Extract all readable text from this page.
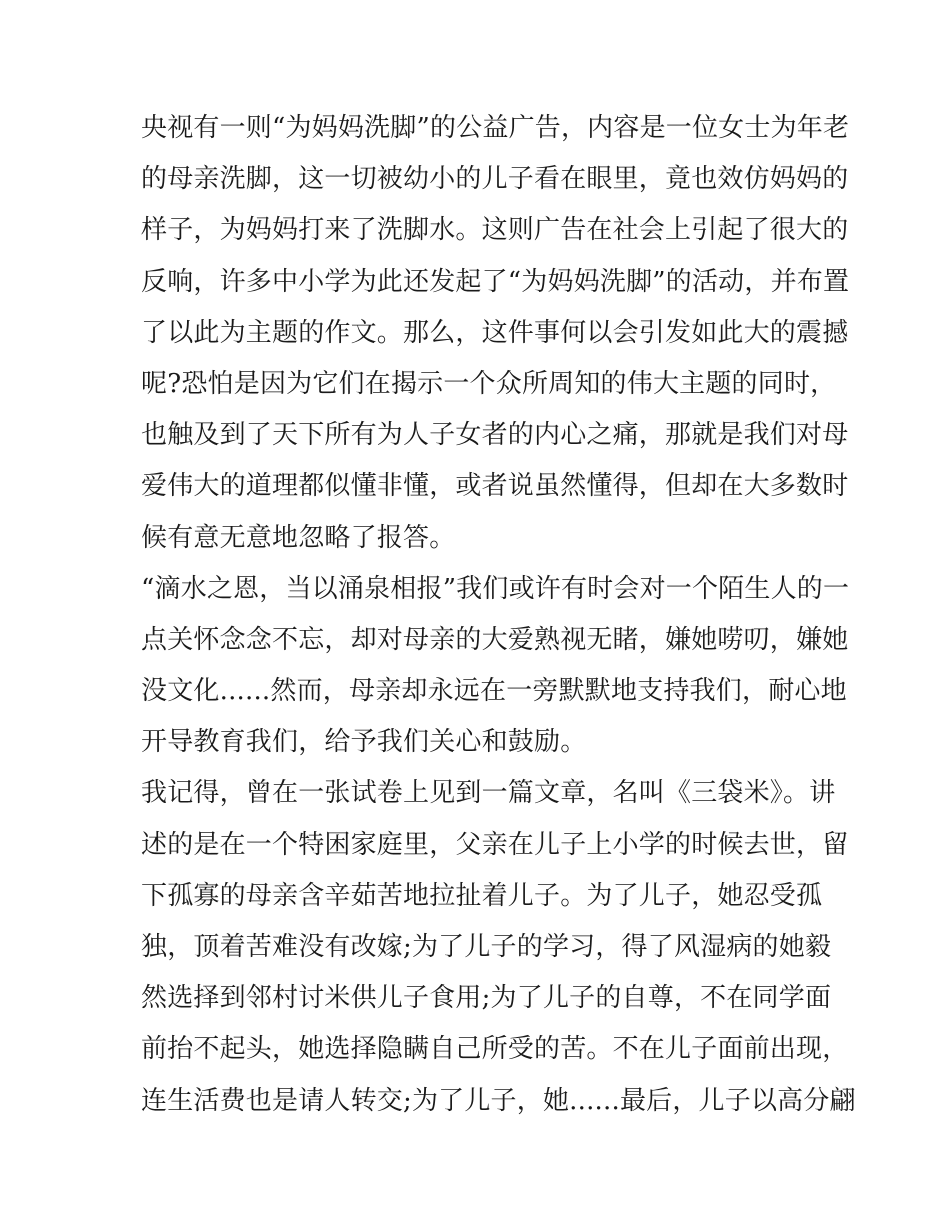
央视有一则“为妈妈洗脚”的公益广告，内容是一位女士为年老
的母亲洗脚，这一切被幼小的儿子看在眼里，竟也效仿妈妈的
样子，为妈妈打来了洗脚水。这则广告在社会上引起了很大的
反响，许多中小学为此还发起了“为妈妈洗脚”的活动，并布置
了以此为主题的作文。那么，这件事何以会引发如此大的震撼
呢?恐怕是因为它们在揭示一个众所周知的伟大主题的同时，
也触及到了天下所有为人子女者的内心之痛，那就是我们对母
爱伟大的道理都似懂非懂，或者说虽然懂得，但却在大多数时
候有意无意地忽略了报答。
“滴水之恩，当以涌泉相报”我们或许有时会对一个陌生人的一
点关怀念念不忘，却对母亲的大爱熟视无睹，嫌她唠叨，嫌她
没文化......然而，母亲却永远在一旁默默地支持我们，耐心地
开导教育我们，给予我们关心和鼓励。
我记得，曾在一张试卷上见到一篇文章，名叫《三袋米》。讲
述的是在一个特困家庭里，父亲在儿子上小学的时候去世，留
下孤寡的母亲含辛茹苦地拉扯着儿子。为了儿子，她忍受孤
独，顶着苦难没有改嫁;为了儿子的学习，得了风湿病的她毅
然选择到邻村讨米供儿子食用;为了儿子的自尊，不在同学面
前抬不起头，她选择隐瞒自己所受的苦。不在儿子面前出现，
连生活费也是请人转交;为了儿子，她......最后，儿子以高分翩
